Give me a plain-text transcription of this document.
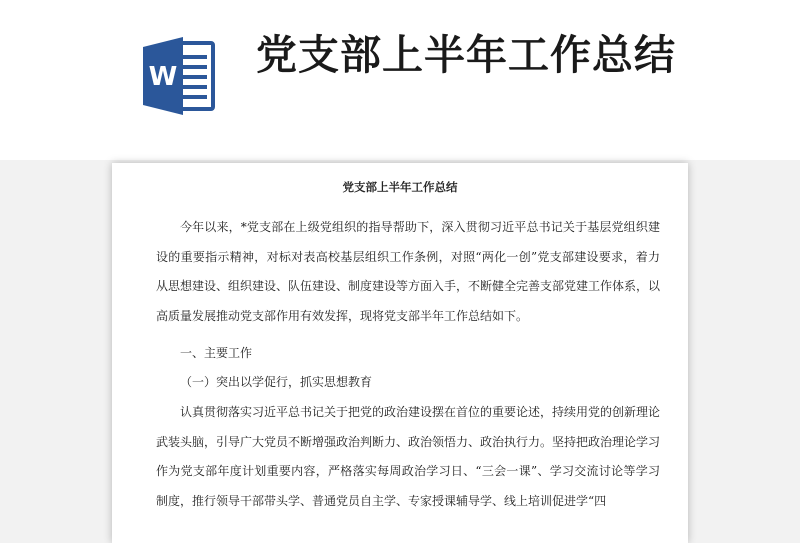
W 党支部上半年工作总结
党支部上半年工作总结

今年以来，*党支部在上级党组织的指导帮助下，深入贯彻习近平总书记关于基层党组织建设的重要指示精神，对标对表高校基层组织工作条例，对照“两化一创”党支部建设要求，着力从思想建设、组织建设、队伍建设、制度建设等方面入手，不断健全完善支部党建工作体系，以高质量发展推动党支部作用有效发挥，现将党支部半年工作总结如下。

一、主要工作

（一）突出以学促行，抓实思想教育

认真贯彻落实习近平总书记关于把党的政治建设摆在首位的重要论述，持续用党的创新理论武装头脑，引导广大党员不断增强政治判断力、政治领悟力、政治执行力。坚持把政治理论学习作为党支部年度计划重要内容，严格落实每周政治学习日、“三会一课”、学习交流讨论等学习制度，推行领导干部带头学、普通党员自主学、专家授课辅导学、线上培训促进学“四
